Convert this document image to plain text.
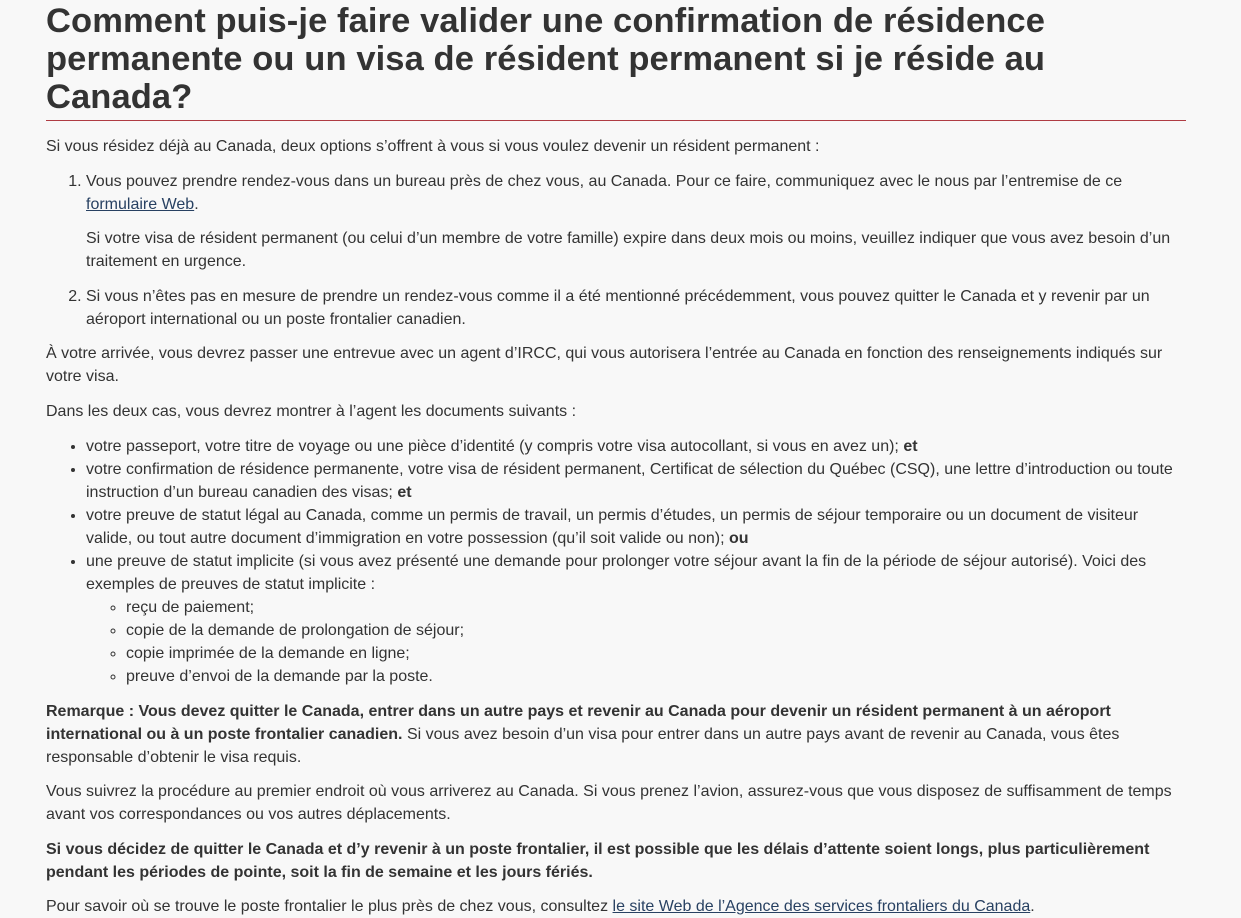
Comment puis-je faire valider une confirmation de résidence permanente ou un visa de résident permanent si je réside au Canada?

Si vous résidez déjà au Canada, deux options s’offrent à vous si vous voulez devenir un résident permanent :

1. Vous pouvez prendre rendez-vous dans un bureau près de chez vous, au Canada. Pour ce faire, communiquez avec le nous par l’entremise de ce formulaire Web.

Si votre visa de résident permanent (ou celui d’un membre de votre famille) expire dans deux mois ou moins, veuillez indiquer que vous avez besoin d’un traitement en urgence.

2. Si vous n’êtes pas en mesure de prendre un rendez-vous comme il a été mentionné précédemment, vous pouvez quitter le Canada et y revenir par un aéroport international ou un poste frontalier canadien.

À votre arrivée, vous devrez passer une entrevue avec un agent d’IRCC, qui vous autorisera l’entrée au Canada en fonction des renseignements indiqués sur votre visa.

Dans les deux cas, vous devrez montrer à l’agent les documents suivants :

• votre passeport, votre titre de voyage ou une pièce d’identité (y compris votre visa autocollant, si vous en avez un); et
• votre confirmation de résidence permanente, votre visa de résident permanent, Certificat de sélection du Québec (CSQ), une lettre d’introduction ou toute instruction d’un bureau canadien des visas; et
• votre preuve de statut légal au Canada, comme un permis de travail, un permis d’études, un permis de séjour temporaire ou un document de visiteur valide, ou tout autre document d’immigration en votre possession (qu’il soit valide ou non); ou
• une preuve de statut implicite (si vous avez présenté une demande pour prolonger votre séjour avant la fin de la période de séjour autorisé). Voici des exemples de preuves de statut implicite :
◦ reçu de paiement;
◦ copie de la demande de prolongation de séjour;
◦ copie imprimée de la demande en ligne;
◦ preuve d’envoi de la demande par la poste.

Remarque : Vous devez quitter le Canada, entrer dans un autre pays et revenir au Canada pour devenir un résident permanent à un aéroport international ou à un poste frontalier canadien. Si vous avez besoin d’un visa pour entrer dans un autre pays avant de revenir au Canada, vous êtes responsable d’obtenir le visa requis.

Vous suivrez la procédure au premier endroit où vous arriverez au Canada. Si vous prenez l’avion, assurez-vous que vous disposez de suffisamment de temps avant vos correspondances ou vos autres déplacements.

Si vous décidez de quitter le Canada et d’y revenir à un poste frontalier, il est possible que les délais d’attente soient longs, plus particulièrement pendant les périodes de pointe, soit la fin de semaine et les jours fériés.

Pour savoir où se trouve le poste frontalier le plus près de chez vous, consultez le site Web de l’Agence des services frontaliers du Canada.
